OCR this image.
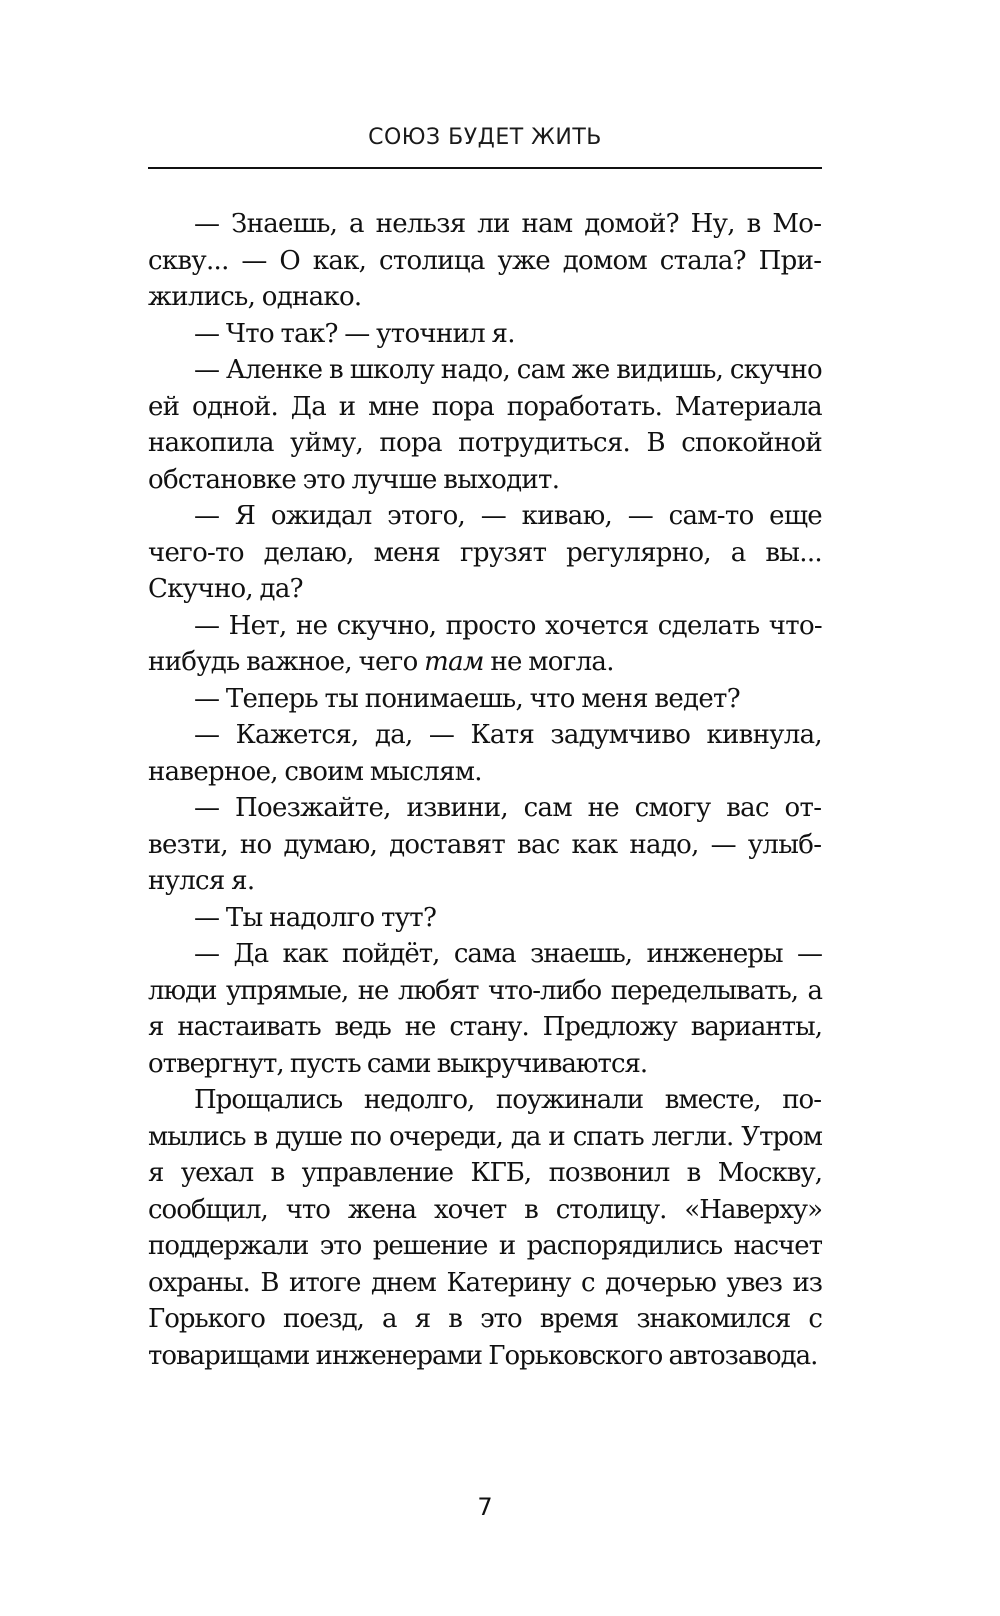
СОЮЗ БУДЕТ ЖИТЬ

— Знаешь, а нельзя ли нам домой? Ну, в Москву... — О как, столица уже домом стала? Прижились, однако.

— Что так? — уточнил я.

— Аленке в школу надо, сам же видишь, скучно ей одной. Да и мне пора поработать. Материала накопила уйму, пора потрудиться. В спокойной обстановке это лучше выходит.

— Я ожидал этого, — киваю, — сам-то еще чего-то делаю, меня грузят регулярно, а вы... Скучно, да?

— Нет, не скучно, просто хочется сделать что-нибудь важное, чего там не могла.

— Теперь ты понимаешь, что меня ведет?

— Кажется, да, — Катя задумчиво кивнула, наверное, своим мыслям.

— Поезжайте, извини, сам не смогу вас отвезти, но думаю, доставят вас как надо, — улыбнулся я.

— Ты надолго тут?

— Да как пойдёт, сама знаешь, инженеры — люди упрямые, не любят что-либо переделывать, а я настаивать ведь не стану. Предложу варианты, отвергнут, пусть сами выкручиваются.

Прощались недолго, поужинали вместе, помылись в душе по очереди, да и спать легли. Утром я уехал в управление КГБ, позвонил в Москву, сообщил, что жена хочет в столицу. «Наверху» поддержали это решение и распорядились насчет охраны. В итоге днем Катерину с дочерью увез из Горького поезд, а я в это время знакомился с товарищами инженерами Горьковского автозавода.

7
